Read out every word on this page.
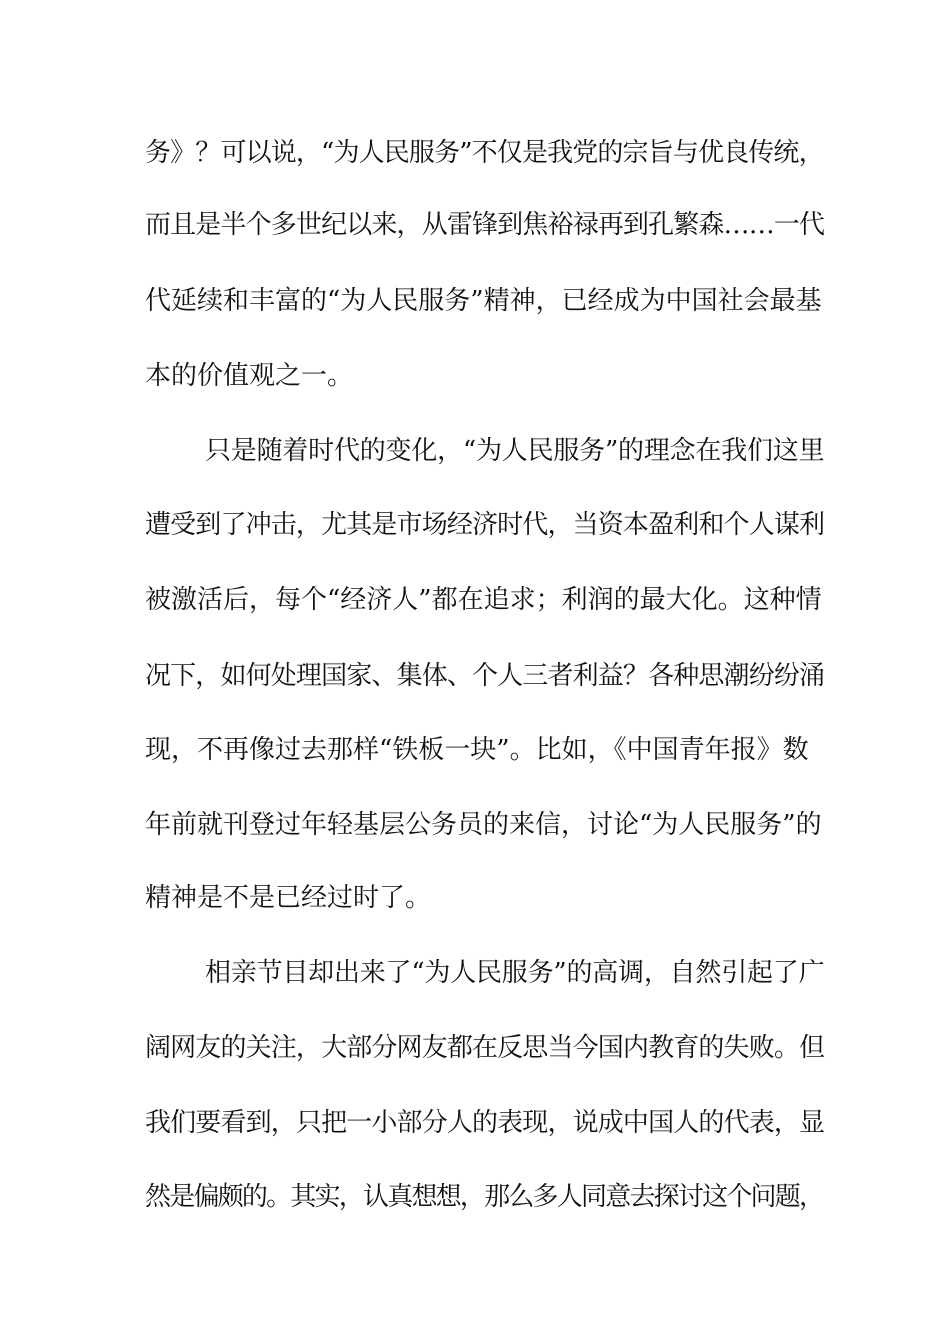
务》？可以说，“为人民服务”不仅是我党的宗旨与优良传统，
而且是半个多世纪以来，从雷锋到焦裕禄再到孔繁森……一代
代延续和丰富的“为人民服务”精神，已经成为中国社会最基
本的价值观之一。
只是随着时代的变化，“为人民服务”的理念在我们这里
遭受到了冲击，尤其是市场经济时代，当资本盈利和个人谋利
被激活后，每个“经济人”都在追求；利润的最大化。这种情
况下，如何处理国家、集体、个人三者利益？各种思潮纷纷涌
现，不再像过去那样“铁板一块”。比如，《中国青年报》数
年前就刊登过年轻基层公务员的来信，讨论“为人民服务”的
精神是不是已经过时了。
相亲节目却出来了“为人民服务”的高调，自然引起了广
阔网友的关注，大部分网友都在反思当今国内教育的失败。但
我们要看到，只把一小部分人的表现，说成中国人的代表，显
然是偏颇的。其实，认真想想，那么多人同意去探讨这个问题，
